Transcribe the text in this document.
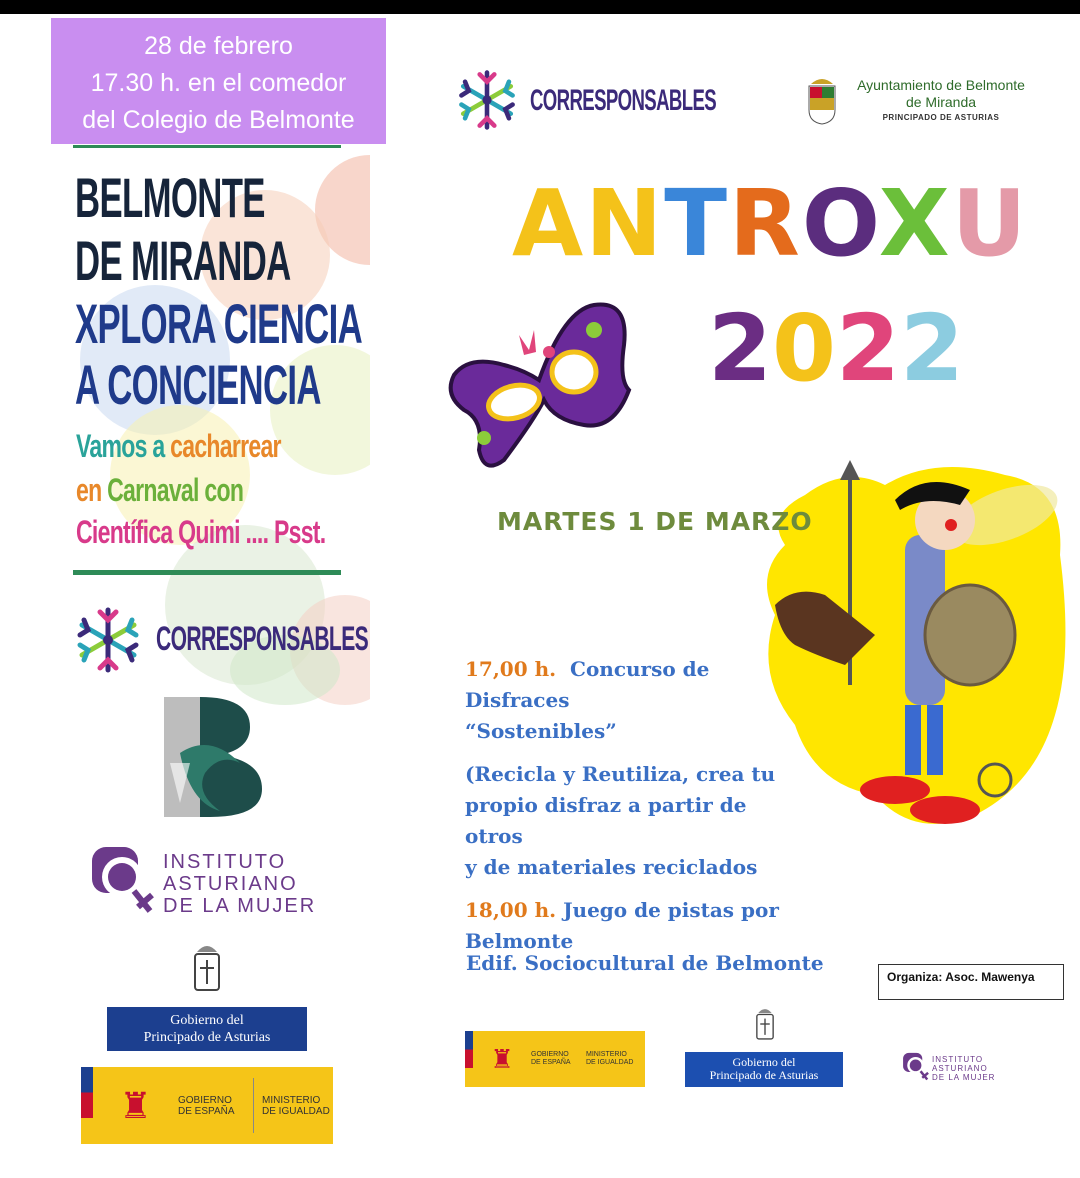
28 de febrero
17.30 h. en el comedor
del Colegio de Belmonte
BELMONTE
DE MIRANDA
XPLORA CIENCIA
A CONCIENCIA
Vamos a cacharrear
en Carnaval con
Científica Quimi .... Psst.
CORRESPONSABLES
INSTITUTO
ASTURIANO
DE LA MUJER
Gobierno del
Principado de Asturias
♜	GOBIERNO
DE ESPAÑA
MINISTERIO
DE IGUALDAD
CORRESPONSABLES	Ayuntamiento de Belmonte
de Miranda
PRINCIPADO DE ASTURIAS
ANTROXU
2022
MARTES 1 DE MARZO
17,00 h. Concurso de Disfraces
“Sostenibles”
(Recicla y Reutiliza, crea tu
propio disfraz a partir de otros
y de materiales reciclados
18,00 h. Juego de pistas por
Belmonte
Edif. Sociocultural de Belmonte
Organiza: Asoc. Mawenya
♜	GOBIERNO
DE ESPAÑA
MINISTERIO
DE IGUALDAD	Gobierno del
Principado de Asturias
INSTITUTO
ASTURIANO
DE LA MUJER
